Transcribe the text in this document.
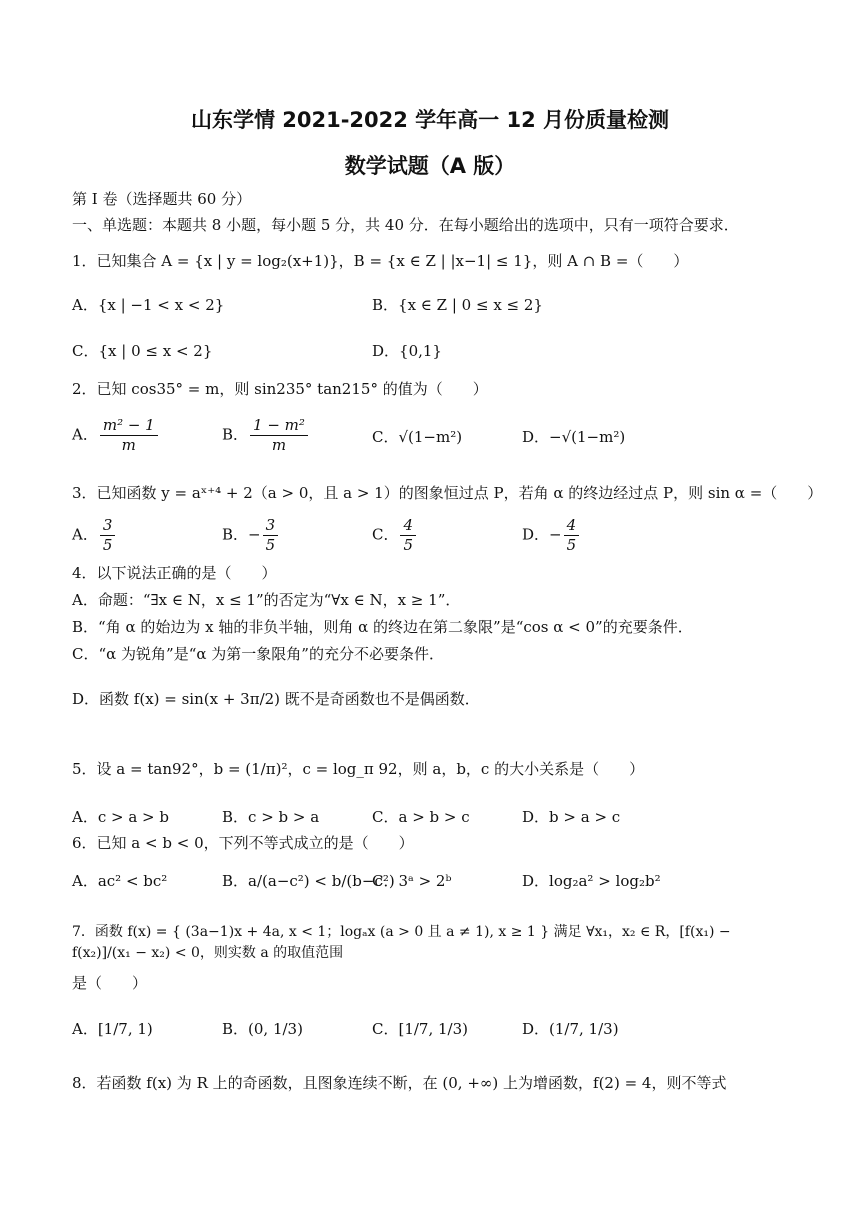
山东学情 2021-2022 学年高一 12 月份质量检测
数学试题（A 版）
第 I 卷（选择题共 60 分）
一、单选题：本题共 8 小题，每小题 5 分，共 40 分．在每小题给出的选项中，只有一项符合要求．
1．已知集合 A = {x | y = log₂(x+1)}，B = {x ∈ Z | |x−1| ≤ 1}，则 A ∩ B =（　　）
A．{x | −1 < x < 2}	B．{x ∈ Z | 0 ≤ x ≤ 2}
C．{x | 0 ≤ x < 2}	D．{0,1}
2．已知 cos35° = m，则 sin235° tan215° 的值为（　　）
A． $\frac{\text{m² − 1}}{m}$	B． $\frac{\text{1 − m²}}{m}$	C．√(1−m²)	D．−√(1−m²)
3．已知函数 y = aˣ⁺⁴ + 2（a > 0，且 a > 1）的图象恒过点 P，若角 α 的终边经过点 P，则 sin α =（　　）
A． $\frac{3}{5}$	B．− $\frac{3}{5}$	C． $\frac{4}{5}$	D．− $\frac{4}{5}$
4．以下说法正确的是（　　）
A．命题：“∃x ∈ N，x ≤ 1”的否定为“∀x ∈ N，x ≥ 1”．
B．“角 α 的始边为 x 轴的非负半轴，则角 α 的终边在第二象限”是“cos α < 0”的充要条件．
C．“α 为锐角”是“α 为第一象限角”的充分不必要条件．
D．函数 f(x) = sin(x + 3π/2) 既不是奇函数也不是偶函数．
5．设 a = tan92°，b = (1/π)²，c = log_π 92，则 a，b，c 的大小关系是（　　）
A．c > a > b	B．c > b > a	C．a > b > c	D．b > a > c
6．已知 a < b < 0，下列不等式成立的是（　　）
A．ac² < bc²	B．a/(a−c²) < b/(b−c²)
C．3ᵃ > 2ᵇ	D．log₂a² > log₂b²
7．函数 f(x) = { (3a−1)x + 4a, x < 1；logₐx (a > 0 且 a ≠ 1), x ≥ 1 } 满足 ∀x₁，x₂ ∈ R，[f(x₁) − f(x₂)]/(x₁ − x₂) < 0，则实数 a 的取值范围
是（　　）
A．[1/7, 1)	B．(0, 1/3)	C．[1/7, 1/3)	D．(1/7, 1/3)
8．若函数 f(x) 为 R 上的奇函数，且图象连续不断，在 (0, +∞) 上为增函数，f(2) = 4，则不等式
